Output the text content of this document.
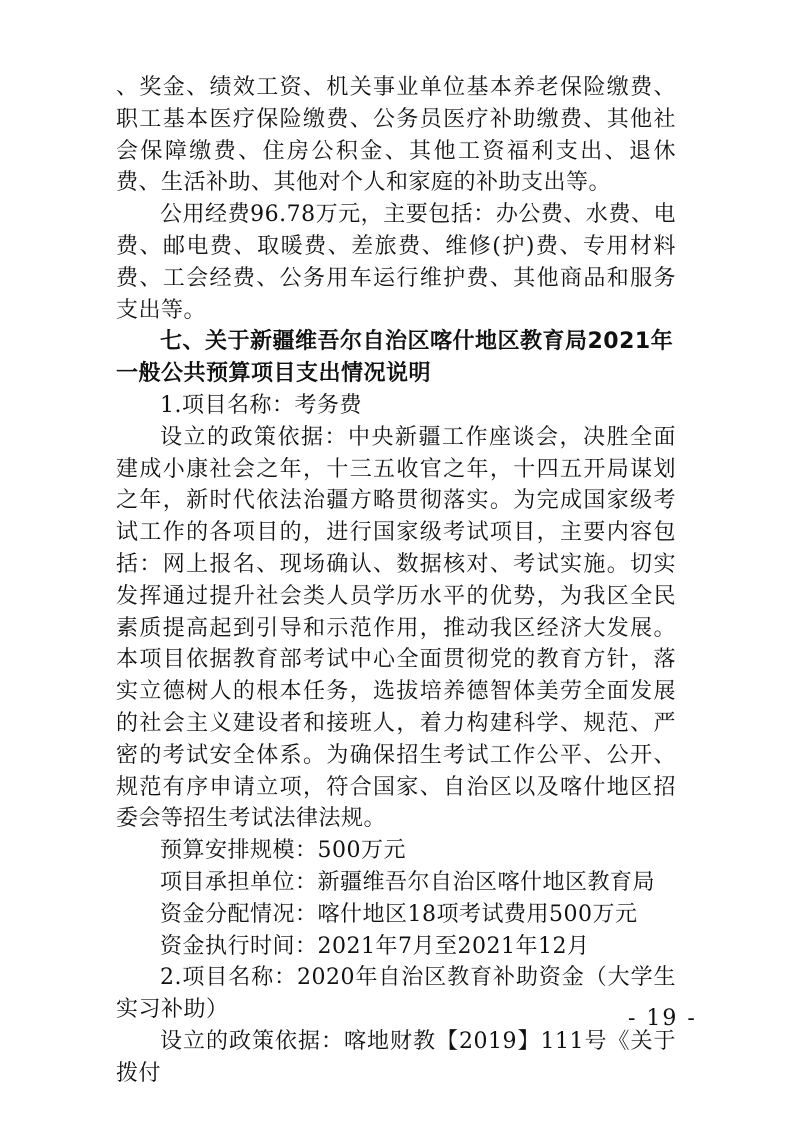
、奖金、绩效工资、机关事业单位基本养老保险缴费、职工基本医疗保险缴费、公务员医疗补助缴费、其他社会保障缴费、住房公积金、其他工资福利支出、退休费、生活补助、其他对个人和家庭的补助支出等。

公用经费96.78万元，主要包括：办公费、水费、电费、邮电费、取暖费、差旅费、维修(护)费、专用材料费、工会经费、公务用车运行维护费、其他商品和服务支出等。

七、关于新疆维吾尔自治区喀什地区教育局2021年一般公共预算项目支出情况说明

1.项目名称：考务费

设立的政策依据：中央新疆工作座谈会，决胜全面建成小康社会之年，十三五收官之年，十四五开局谋划之年，新时代依法治疆方略贯彻落实。为完成国家级考试工作的各项目的，进行国家级考试项目，主要内容包括：网上报名、现场确认、数据核对、考试实施。切实发挥通过提升社会类人员学历水平的优势，为我区全民素质提高起到引导和示范作用，推动我区经济大发展。本项目依据教育部考试中心全面贯彻党的教育方针，落实立德树人的根本任务，选拔培养德智体美劳全面发展的社会主义建设者和接班人，着力构建科学、规范、严密的考试安全体系。为确保招生考试工作公平、公开、规范有序申请立项，符合国家、自治区以及喀什地区招委会等招生考试法律法规。

预算安排规模：500万元

项目承担单位：新疆维吾尔自治区喀什地区教育局

资金分配情况：喀什地区18项考试费用500万元

资金执行时间：2021年7月至2021年12月

2.项目名称：2020年自治区教育补助资金（大学生实习补助）

设立的政策依据：喀地财教【2019】111号《关于拨付

- 19 -
